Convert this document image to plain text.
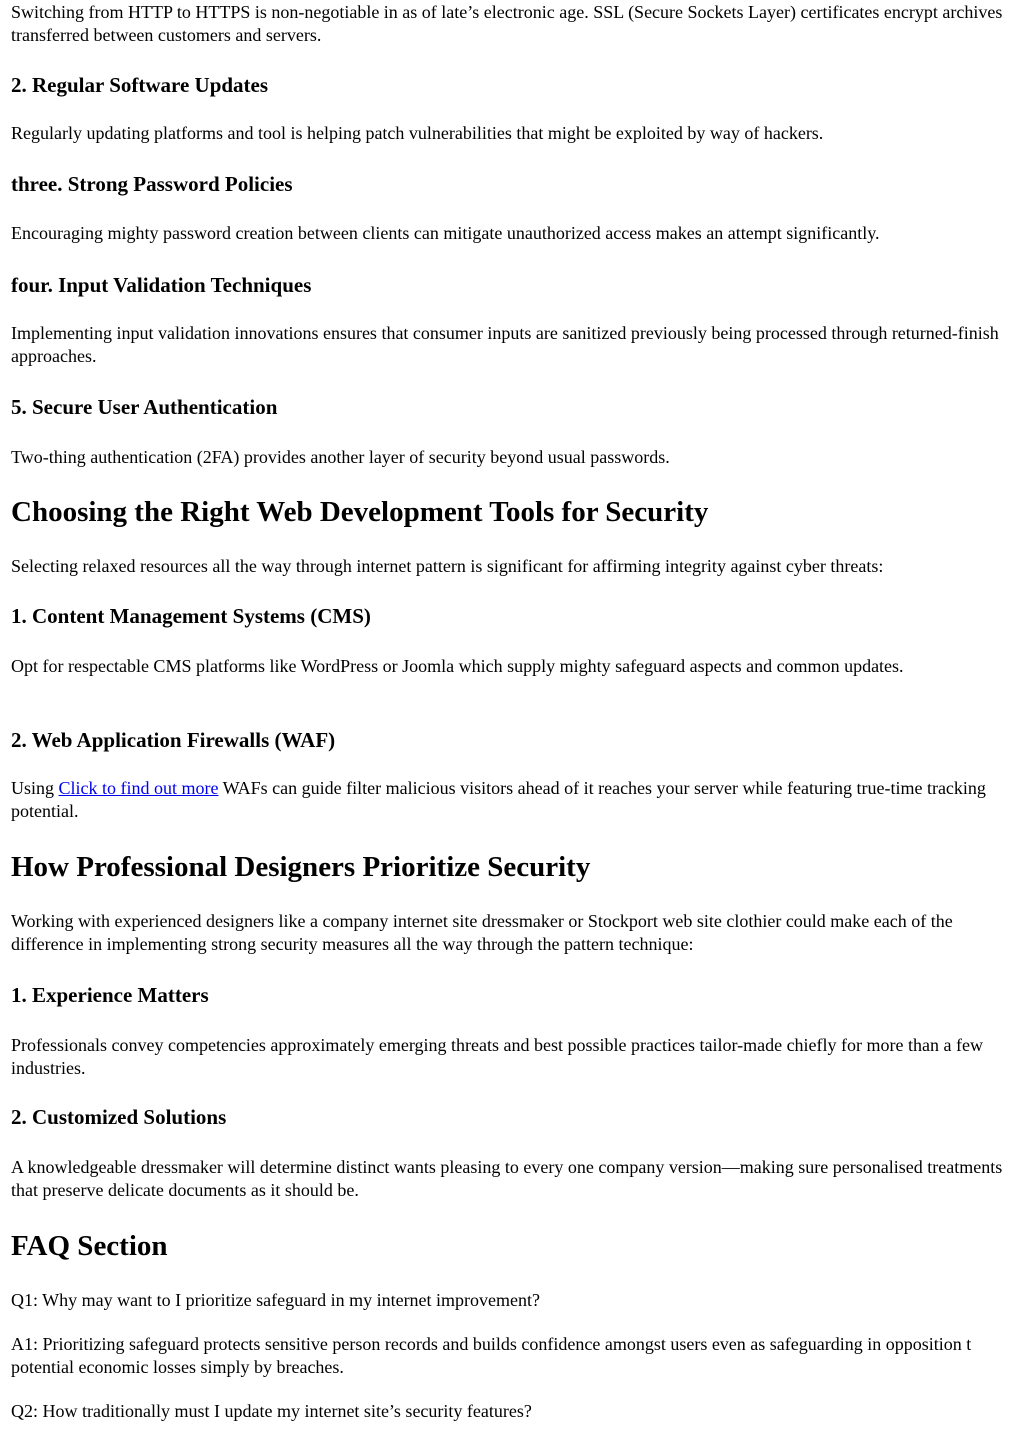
Switching from HTTP to HTTPS is non-negotiable in as of late’s electronic age. SSL (Secure Sockets Layer) certificates encrypt archives transferred between customers and servers.

2. Regular Software Updates

Regularly updating platforms and tool is helping patch vulnerabilities that might be exploited by way of hackers.

three. Strong Password Policies

Encouraging mighty password creation between clients can mitigate unauthorized access makes an attempt significantly.

four. Input Validation Techniques

Implementing input validation innovations ensures that consumer inputs are sanitized previously being processed through returned-finish approaches.

5. Secure User Authentication

Two-thing authentication (2FA) provides another layer of security beyond usual passwords.

Choosing the Right Web Development Tools for Security

Selecting relaxed resources all the way through internet pattern is significant for affirming integrity against cyber threats:

1. Content Management Systems (CMS)

Opt for respectable CMS platforms like WordPress or Joomla which supply mighty safeguard aspects and common updates.

2. Web Application Firewalls (WAF)

Using Click to find out more WAFs can guide filter malicious visitors ahead of it reaches your server while featuring true-time tracking potential.

How Professional Designers Prioritize Security

Working with experienced designers like a company internet site dressmaker or Stockport web site clothier could make each of the difference in implementing strong security measures all the way through the pattern technique:

1. Experience Matters

Professionals convey competencies approximately emerging threats and best possible practices tailor-made chiefly for more than a few industries.

2. Customized Solutions

A knowledgeable dressmaker will determine distinct wants pleasing to every one company version—making sure personalised treatments that preserve delicate documents as it should be.

FAQ Section

Q1: Why may want to I prioritize safeguard in my internet improvement?

A1: Prioritizing safeguard protects sensitive person records and builds confidence amongst users even as safeguarding in opposition t potential economic losses simply by breaches.

Q2: How traditionally must I update my internet site’s security features?
